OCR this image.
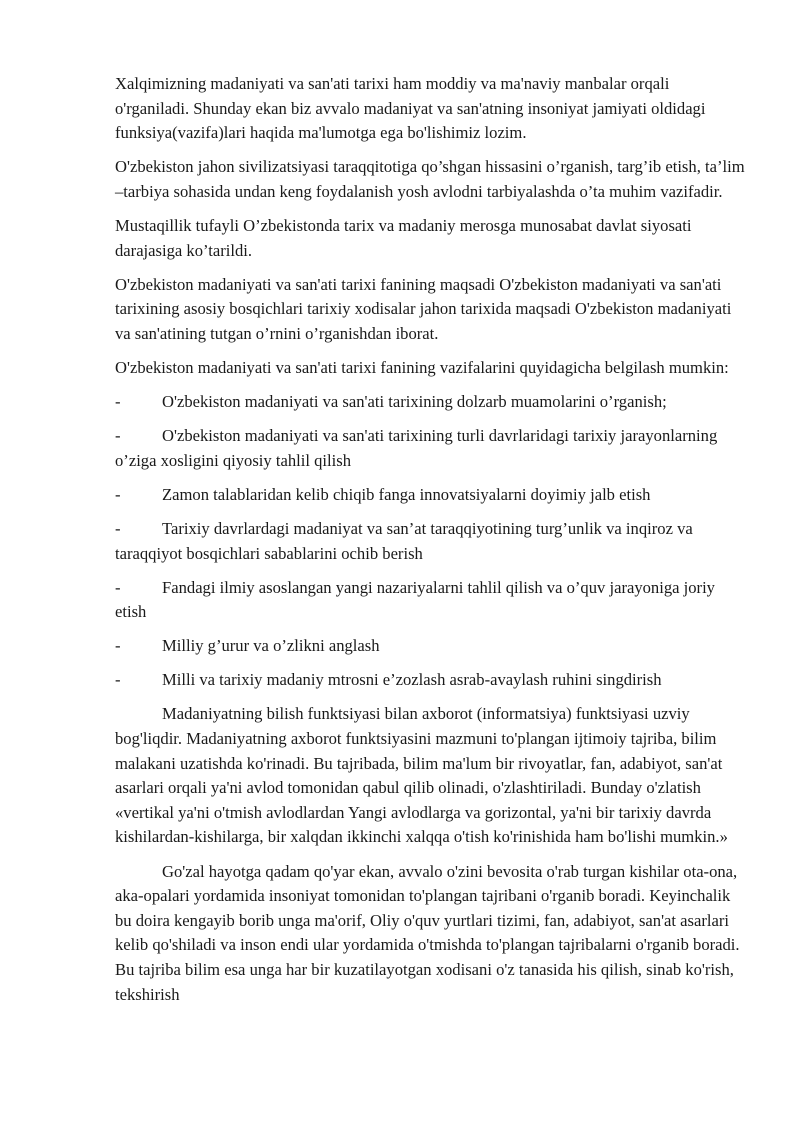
Xalqimizning madaniyati va san'ati tarixi ham moddiy va ma'naviy manbalar orqali o'rganiladi. Shunday ekan biz avvalo madaniyat va san'atning insoniyat jamiyati oldidagi funksiya(vazifa)lari haqida ma'lumotga ega bo'lishimiz lozim.

O'zbekiston jahon sivilizatsiyasi taraqqitotiga qo’shgan hissasini o’rganish, targ’ib etish, ta’lim –tarbiya sohasida undan keng foydalanish yosh avlodni tarbiyalashda o’ta muhim vazifadir.

Mustaqillik tufayli O’zbekistonda tarix va madaniy merosga munosabat davlat siyosati darajasiga ko’tarildi.

O'zbekiston madaniyati va san'ati tarixi fanining maqsadi O'zbekiston madaniyati va san'ati tarixining asosiy bosqichlari tarixiy xodisalar jahon tarixida maqsadi O'zbekiston madaniyati va san'atining tutgan o’rnini o’rganishdan iborat.

O'zbekiston madaniyati va san'ati tarixi fanining vazifalarini quyidagicha belgilash mumkin:

- O'zbekiston madaniyati va san'ati tarixining dolzarb muamolarini o’rganish;
- O'zbekiston madaniyati va san'ati tarixining turli davrlaridagi tarixiy jarayonlarning o’ziga xosligini qiyosiy tahlil qilish
- Zamon talablaridan kelib chiqib fanga innovatsiyalarni doyimiy jalb etish
- Tarixiy davrlardagi madaniyat va san’at taraqqiyotining turg’unlik va inqiroz va taraqqiyot bosqichlari sabablarini ochib berish
- Fandagi ilmiy asoslangan yangi nazariyalarni tahlil qilish va o’quv jarayoniga joriy etish
- Milliy g’urur va o’zlikni anglash
- Milli va tarixiy madaniy mtrosni e’zozlash asrab-avaylash ruhini singdirish

Madaniyatning bilish funktsiyasi bilan axborot (informatsiya) funktsiyasi uzviy bog'liqdir. Madaniyatning axborot funktsiyasini mazmuni to'plangan ijtimoiy tajriba, bilim malakani uzatishda ko'rinadi. Bu tajribada, bilim ma'lum bir rivoyatlar, fan, adabiyot, san'at asarlari orqali ya'ni avlod tomonidan qabul qilib olinadi, o'zlashtiriladi. Bunday o'zlatish «vertikal ya'ni o'tmish avlodlardan Yangi avlodlarga va gorizontal, ya'ni bir tarixiy davrda kishilardan-kishilarga, bir xalqdan ikkinchi xalqqa o'tish ko'rinishida ham bo'lishi mumkin.»

Go'zal hayotga qadam qo'yar ekan, avvalo o'zini bevosita o'rab turgan kishilar ota-ona, aka-opalari yordamida insoniyat tomonidan to'plangan tajribani o'rganib boradi. Keyinchalik bu doira kengayib borib unga ma'orif, Oliy o'quv yurtlari tizimi, fan, adabiyot, san'at asarlari kelib qo'shiladi va inson endi ular yordamida o'tmishda to'plangan tajribalarni o'rganib boradi. Bu tajriba bilim esa unga har bir kuzatilayotgan xodisani o'z tanasida his qilish, sinab ko'rish, tekshirish
